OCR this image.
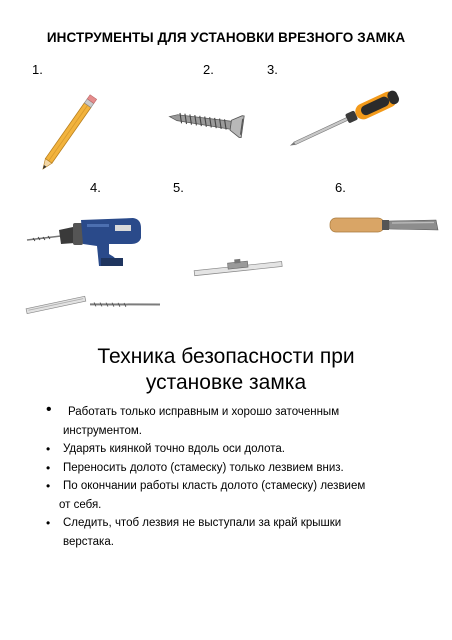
ИНСТРУМЕНТЫ ДЛЯ УСТАНОВКИ ВРЕЗНОГО ЗАМКА
1.	2.	3.
4.	5.	6.
Техника безопасности при
установке замка
• Работать только исправным и хорошо заточенным
инструментом.
• Ударять киянкой точно вдоль оси долота.
• Переносить долото (стамеску) только лезвием вниз.
• По окончании работы класть долото (стамеску) лезвием
от себя.
• Следить, чтоб лезвия не выступали за край крышки
верстака.
